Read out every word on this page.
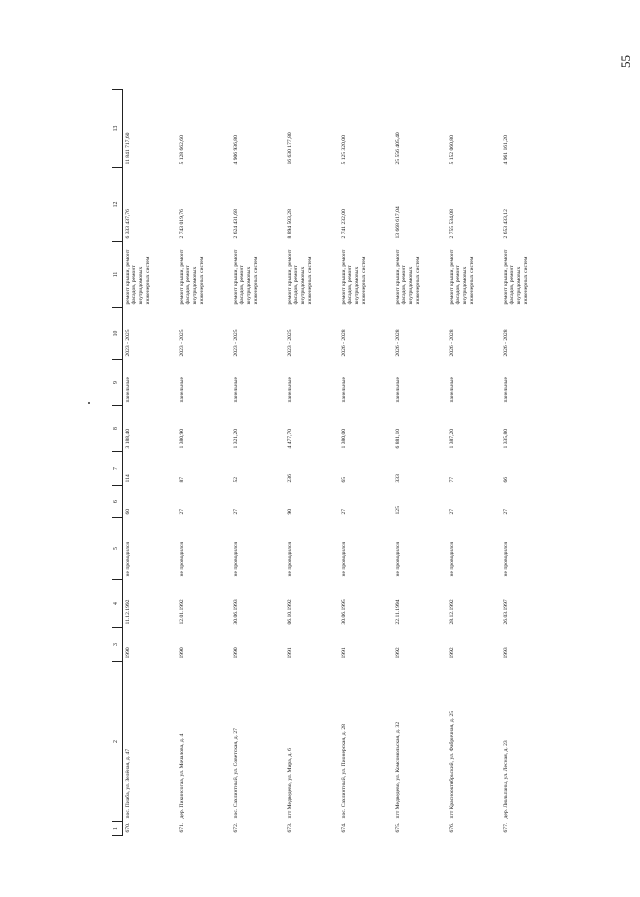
55
1	2	3	4	5	6	7	8	9	10	11	12	13
670.	пос. Пиаба, ул. Зелёная, д. 47	1990	11.12.1992	не проводился	60	114	3 188,40	панельные	2023 - 2025	ремонт крыши, ремонт фасадов, ремонт внутридомовых инженерных систем	6 333 437,76	11 841 717,60
671.	дер. Пикинсогаа, ул. Мочалова, д. 4	1990	12.01.1992	не проводился	27	87	1 380,90	панельные	2023 - 2025	ремонт крыши, ремонт фасадов, ремонт внутридомовых инженерных систем	2 743 019,76	5 128 662,60
672.	пос. Сахлинтный, ул. Советская, д. 27	1990	30.06.1993	не проводился	27	52	1 321,20	панельные	2023 - 2025	ремонт крыши, ремонт фасадов, ремонт внутридомовых инженерных систем	2 624 431,68	4 906 936,80
673.	пгт Медведево, ул. Мира, д. 6	1991	06.10.1992	не проводился	90	236	4 477,70	панельные	2023 - 2025	ремонт крыши, ремонт фасадов, ремонт внутридомовых инженерных систем	8 894 503,28	16 630 177,80
674.	пос. Сахлинтный, ул. Пионерская, д. 28	1991	30.06.1995	не проводился	27	65	1 380,00	панельные	2026 - 2028	ремонт крыши, ремонт фасадов, ремонт внутридомовых инженерных систем	2 741 232,00	5 125 320,00
675.	пгт Медведево, ул. Комсомольская, д. 32	1992	22.11.1994	не проводился	125	333	6 881,10	панельные	2026 - 2028	ремонт крыши, ремонт фасадов, ремонт внутридомовых инженерных систем	13 668 617,04	25 556 405,40
676.	пгт Краснооктябрьский, ул. Фабричная, д. 25	1992	28.12.1992	не проводился	27	77	1 387,20	панельные	2026 - 2028	ремонт крыши, ремонт фасадов, ремонт внутридомовых инженерных систем	2 755 534,08	5 152 060,80
677.	дер. Люльпаны, ул. Лесная, д. 23	1993	26.03.1997	не проводился	27	66	1 335,80	панельные	2026 - 2028	ремонт крыши, ремонт фасадов, ремонт внутридомовых инженерных систем	2 653 433,12	4 961 161,20
